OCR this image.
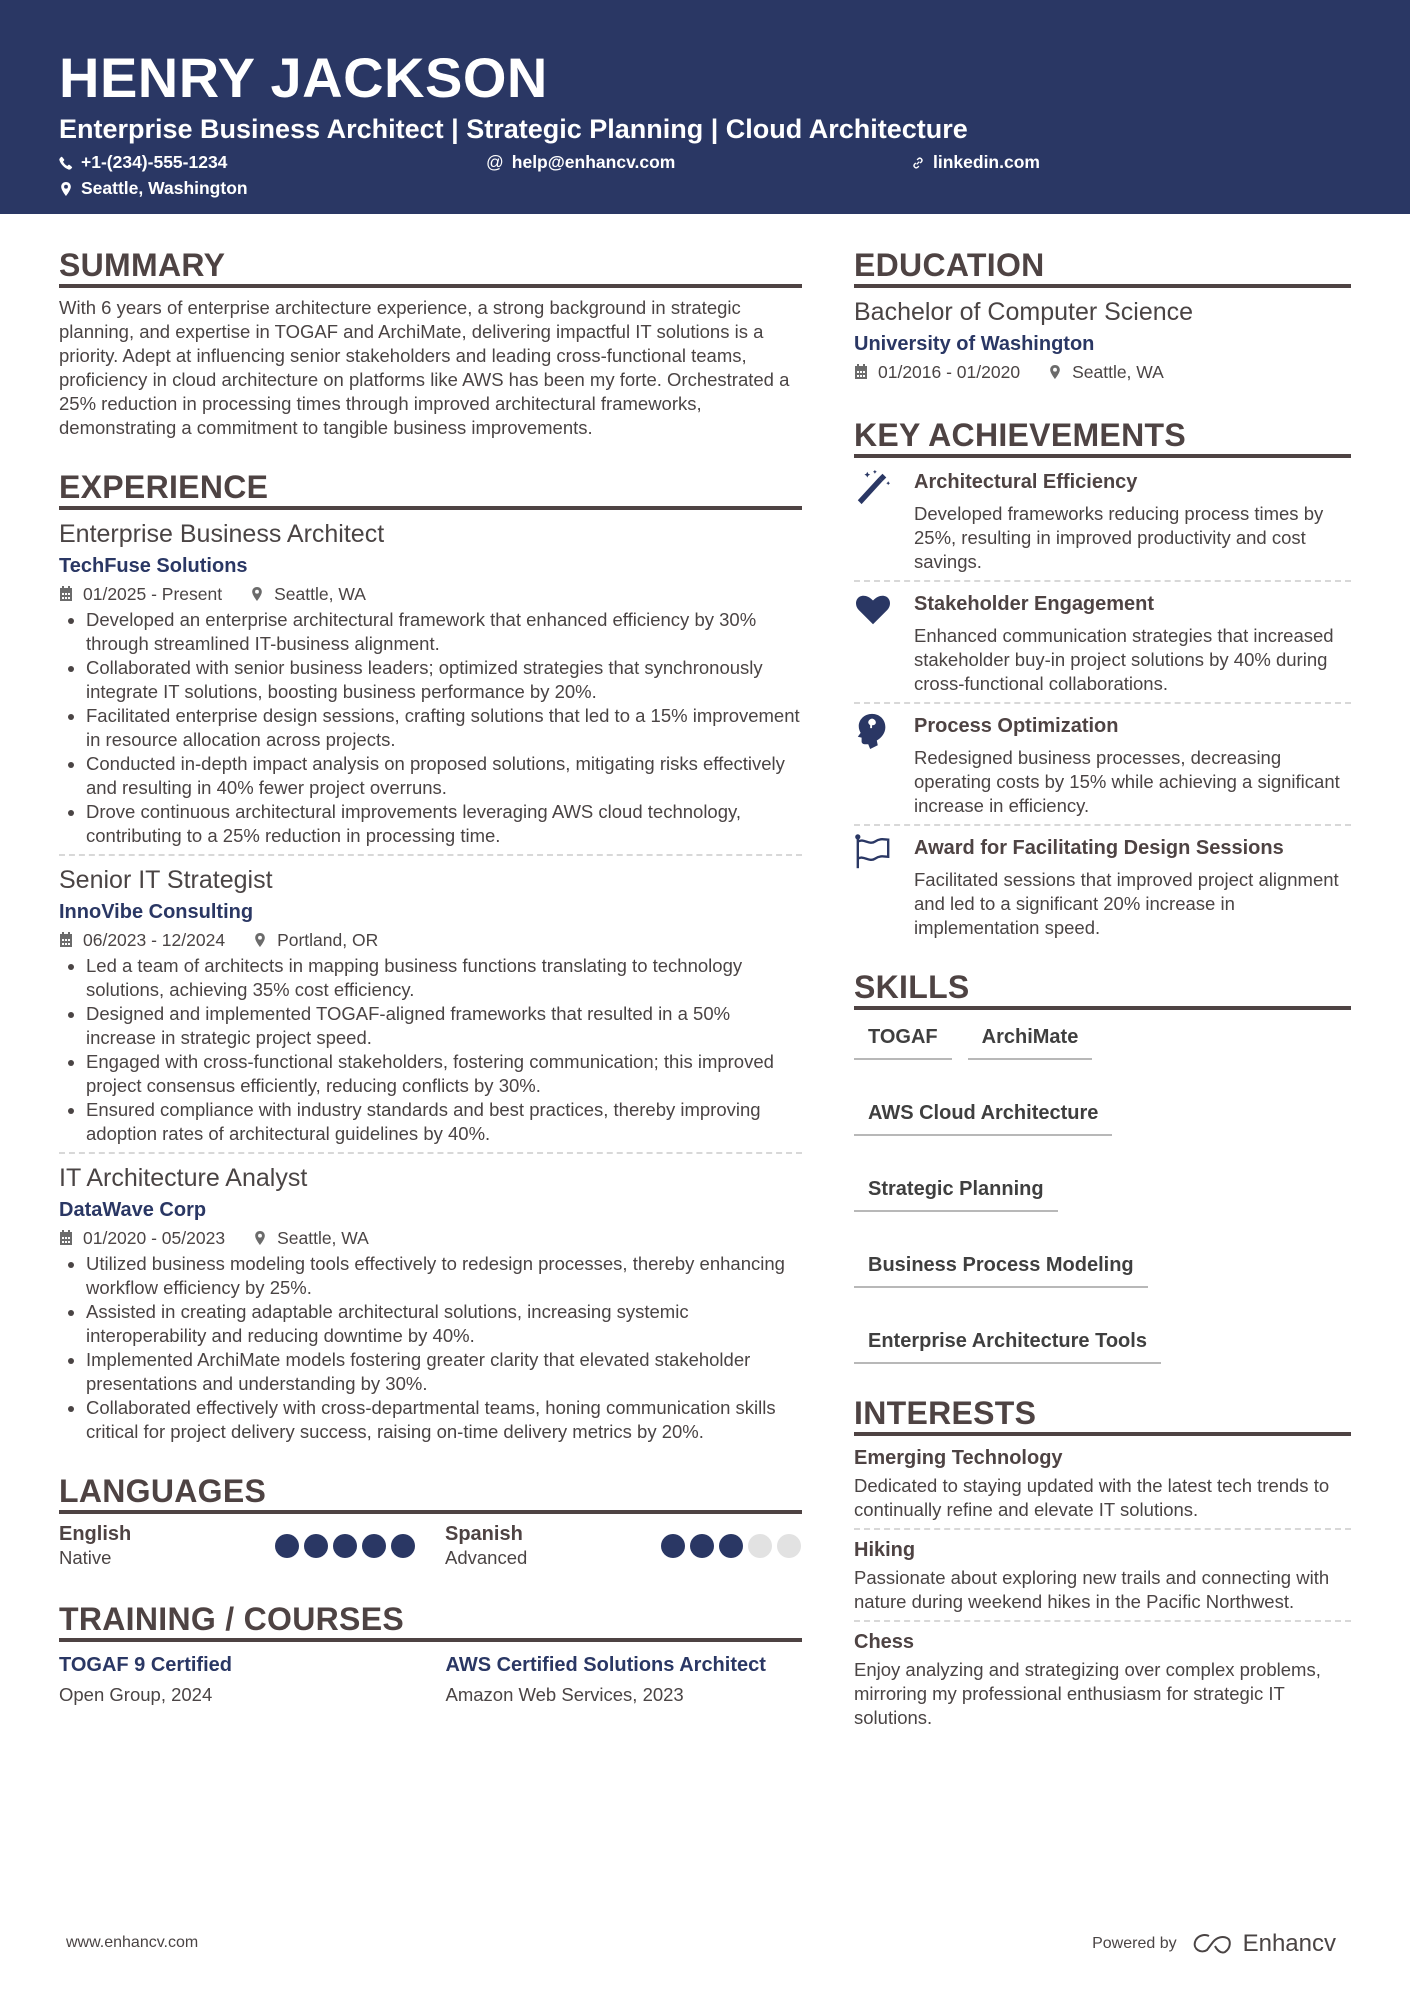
HENRY JACKSON
Enterprise Business Architect | Strategic Planning | Cloud Architecture
+1-(234)-555-1234	@ help@enhancv.com	linkedin.com
Seattle, Washington
SUMMARY

With 6 years of enterprise architecture experience, a strong background in strategic planning, and expertise in TOGAF and ArchiMate, delivering impactful IT solutions is a priority. Adept at influencing senior stakeholders and leading cross-functional teams, proficiency in cloud architecture on platforms like AWS has been my forte. Orchestrated a 25% reduction in processing times through improved architectural frameworks, demonstrating a commitment to tangible business improvements.

EXPERIENCE
Enterprise Business Architect
TechFuse Solutions
01/2025 - Present	Seattle, WA
Developed an enterprise architectural framework that enhanced efficiency by 30% through streamlined IT-business alignment.
Collaborated with senior business leaders; optimized strategies that synchronously integrate IT solutions, boosting business performance by 20%.
Facilitated enterprise design sessions, crafting solutions that led to a 15% improvement in resource allocation across projects.
Conducted in-depth impact analysis on proposed solutions, mitigating risks effectively and resulting in 40% fewer project overruns.
Drove continuous architectural improvements leveraging AWS cloud technology, contributing to a 25% reduction in processing time.
Senior IT Strategist
InnoVibe Consulting
06/2023 - 12/2024	Portland, OR
Led a team of architects in mapping business functions translating to technology solutions, achieving 35% cost efficiency.
Designed and implemented TOGAF-aligned frameworks that resulted in a 50% increase in strategic project speed.
Engaged with cross-functional stakeholders, fostering communication; this improved project consensus efficiently, reducing conflicts by 30%.
Ensured compliance with industry standards and best practices, thereby improving adoption rates of architectural guidelines by 40%.
IT Architecture Analyst
DataWave Corp
01/2020 - 05/2023	Seattle, WA
Utilized business modeling tools effectively to redesign processes, thereby enhancing workflow efficiency by 25%.
Assisted in creating adaptable architectural solutions, increasing systemic interoperability and reducing downtime by 40%.
Implemented ArchiMate models fostering greater clarity that elevated stakeholder presentations and understanding by 30%.
Collaborated effectively with cross-departmental teams, honing communication skills critical for project delivery success, raising on-time delivery metrics by 20%.
LANGUAGES
English
Native
Spanish
Advanced
TRAINING / COURSES
TOGAF 9 Certified
Open Group, 2024
AWS Certified Solutions Architect
Amazon Web Services, 2023
EDUCATION
Bachelor of Computer Science
University of Washington
01/2016 - 01/2020	Seattle, WA
KEY ACHIEVEMENTS
Architectural Efficiency
Developed frameworks reducing process times by 25%, resulting in improved productivity and cost savings.
Stakeholder Engagement
Enhanced communication strategies that increased stakeholder buy-in project solutions by 40% during cross-functional collaborations.
Process Optimization
Redesigned business processes, decreasing operating costs by 15% while achieving a significant increase in efficiency.
Award for Facilitating Design Sessions
Facilitated sessions that improved project alignment and led to a significant 20% increase in implementation speed.
SKILLS
TOGAF	ArchiMate
AWS Cloud Architecture
Strategic Planning
Business Process Modeling
Enterprise Architecture Tools
INTERESTS
Emerging Technology
Dedicated to staying updated with the latest tech trends to continually refine and elevate IT solutions.
Hiking
Passionate about exploring new trails and connecting with nature during weekend hikes in the Pacific Northwest.
Chess
Enjoy analyzing and strategizing over complex problems, mirroring my professional enthusiasm for strategic IT solutions.
www.enhancv.com	Powered by	Enhancv
